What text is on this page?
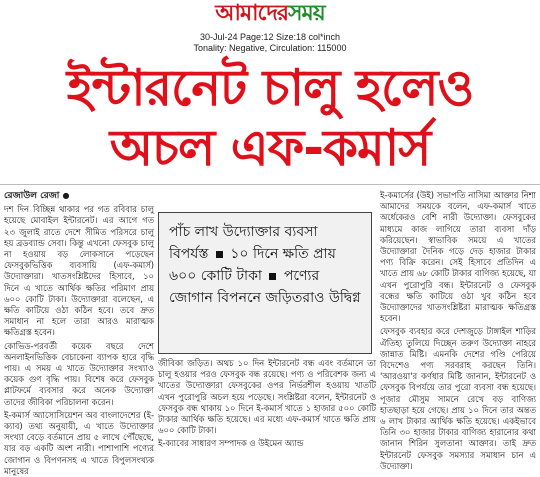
আমাদের সময়
30-Jul-24 Page:12 Size:18 col*inch
Tonality: Negative, Circulation: 115000
ইন্টারনেট চালু হলেও
অচল এফ-কমার্স
রেজাউল রেজা ●

দশ দিন বিচ্ছিন্ন থাকার পর গত রবিবার চালু হয়েছে মোবাইল ইন্টারনেট। এর আগে গত ২৩ জুলাই রাতে দেশে সীমিত পরিসরে চালু হয় ব্রডব্যান্ড সেবা। কিন্তু এখনো ফেসবুক চালু না হওয়ায় বড় লোকসানে পড়েছেন ফেসবুকভিত্তিক ব্যবসায়ি (এফ-কমার্স) উদ্যোক্তারা। খাতসংশ্লিষ্টদের হিসাবে, ১০ দিনে এ খাতে আর্থিক ক্ষতির পরিমাণ প্রায় ৬০০ কোটি টাকা। উদ্যোক্তারা বলেছেন, এ ক্ষতি কাটিয়ে ওঠা কঠিন হবে। তবে দ্রুত সমাধান না হলে তারা আরও মারাত্মক ক্ষতিগ্রস্ত হবেন।

কোভিড-পরবর্তী কয়েক বছরে দেশে অনলাইনভিত্তিক বেচাকেনা ব্যাপক হারে বৃদ্ধি পায়। এ সময় এ খাতে উদ্যোক্তার সংখ্যাও কয়েক গুণ বৃদ্ধি পায়। বিশেষ করে ফেসবুক প্লাটফর্মে ব্যবসার করে অনেক উদ্যোক্তা তাদের জীবিকা পরিচালনা করেন।

ই-কমার্স অ্যাসোসিয়েশন অব বাংলাদেশের (ই-ক্যাব) তথ্য অনুযায়ী, এ খাতে উদ্যোক্তার সংখ্যা বেড়ে বর্তমানে প্রায় ৫ লাখে পৌঁছেছে, যার বড় একটি অংশ নারী। পাশাপাশি পণ্যের জোগান ও বিপণনসহ এ খাতে বিপুলসংখ্যক মানুষের

পাঁচ লাখ উদ্যোক্তার ব্যবসা বিপর্যস্ত ১০ দিনে ক্ষতি প্রায় ৬০০ কোটি টাকা পণ্যের জোগান বিপননে জড়িতরাও উদ্বিগ্ন

জীবিকা জড়িত। অথচ ১০ দিন ইন্টারনেট বন্ধ এবং বর্তমানে তা চালু হওয়ার পরও ফেসবুক বন্ধ রয়েছে। পণ্য ও পরিবেশক জন্য এ খাতের উদ্যোক্তারা ফেসবুকের ওপর নির্ভরশীল হওয়ায় খাতটি এখন পুরোপুরি অচল হয়ে পড়েছে। সংশ্লিষ্টরা বলেন, ইন্টারনেট ও ফেসবুক বন্ধ থাকায় ১০ দিনে ই-কমার্স খাতে ১ হাজার ৫০০ কোটি টাকার আর্থিক ক্ষতি হয়েছে। এর মধ্যে এফ-কমার্স খাতে ক্ষতি প্রায় ৬০০ কোটি টাকা।

ই-ক্যাবের সাধারণ সম্পাদক ও উইমেন অ্যান্ড

ই-কমার্সের (উই) সভাপতি নাসিমা আক্তার নিশা আমাদের সময়কে বলেন, এফ-কমার্স খাতে অর্ধেকেরও বেশি নারী উদ্যোক্তা। ফেসবুকের মাধ্যমে কাজ লাগিয়ে তারা ব্যবসা দাঁড় করিয়েছেন। স্বাভাবিক সময়ে এ খাতের উদ্যোক্তারা দৈনিক গড়ে দেড় হাজার টাকার পণ্য বিক্রি করেন। সেই হিসাবে প্রতিদিন এ খাতে প্রায় ৬৮ কোটি টাকার বাণিজ্য হয়েছে, যা এখন পুরোপুরি বন্ধ। ইন্টারনেট ও ফেসবুক বন্ধের ক্ষতি কাটিয়ে ওঠা খুব কঠিন হবে উদ্যোক্তাদের খাতসংশ্লিষ্টরা মারাত্মক ক্ষতিগ্রস্ত হবেন।

ফেসবুক ব্যবহার করে দেশজুড়ে টাঙ্গাইল শাড়ির ঐতিহ্য তুলিয়ে দিচ্ছেন তরুণ উদ্যোক্তা নাহরে জান্নাত মিষ্টি। এমনকি দেশের গণ্ডি পেরিয়ে বিদেশেও পণ্য সরবরাহ করছেন তিনি। 'আরওয়া'র কর্ণধার মিষ্টি জানান, ইন্টারনেট ও ফেসবুক বিপর্যয়ে তার পুরো ব্যবসা বন্ধ হয়েছে। পূজার মৌসুম সামনে রেখে বড় বাণিজ্য হাতছাড়া হয়ে গেছে। প্রায় ১০ দিনে তার অন্তত ৬ লাখ টাকার আর্থিক ক্ষতি হয়েছে। একইভাবে তিনি ৩০ হাজার টাকার বাণিজ্য হারানোর কথা জানান শিরিন সুলতানা আক্তার। তাই দ্রুত ইন্টারনেট ফেসবুক সমস্যার সমাধান চান এ উদ্যোক্তা।
